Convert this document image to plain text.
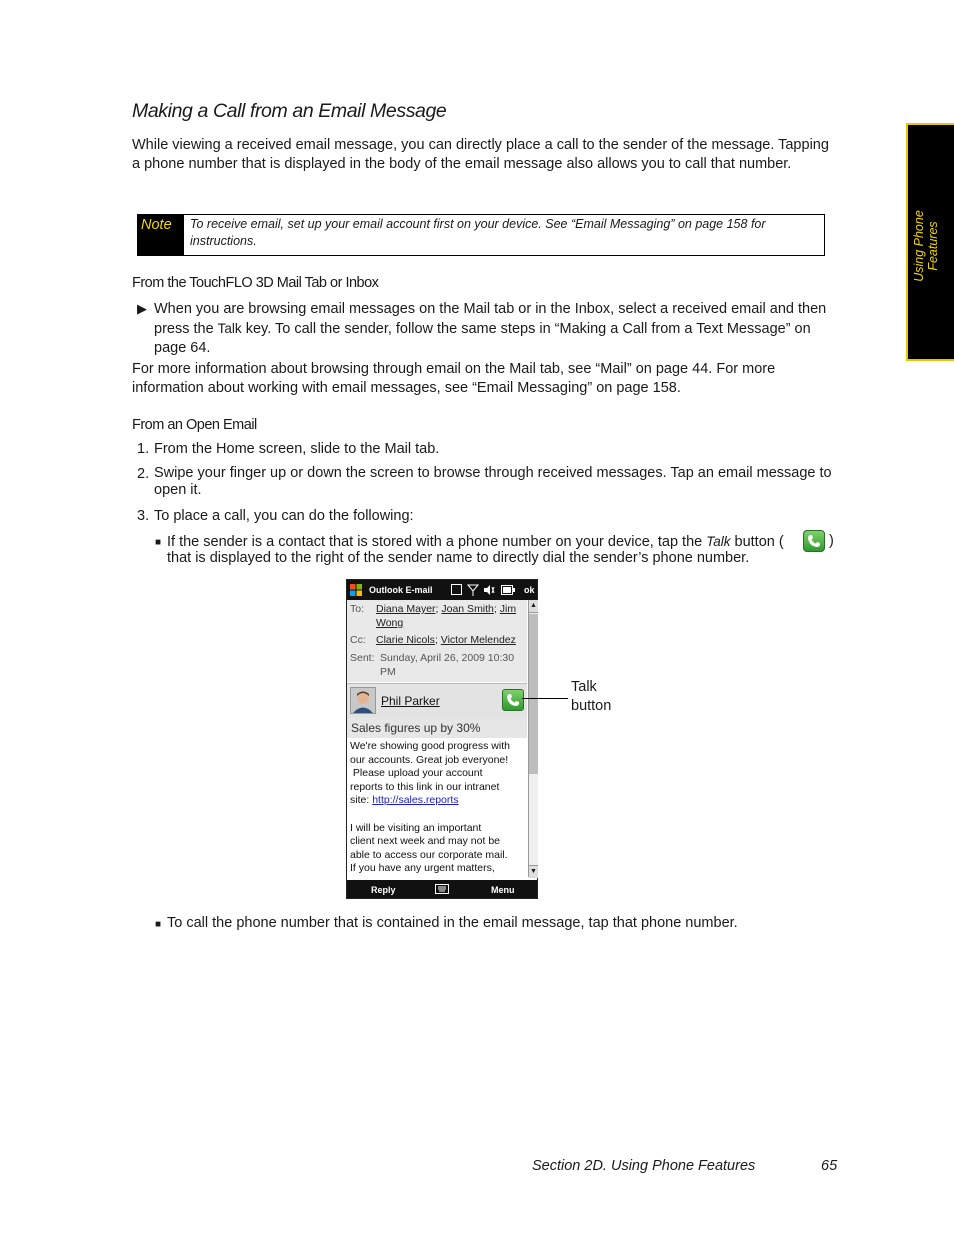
Making a Call from an Email Message
While viewing a received email message, you can directly place a call to the sender of the message. Tapping a phone number that is displayed in the body of the email message also allows you to call that number.
Note	To receive email, set up your email account first on your device. See “Email Messaging” on page 158 for instructions.
From the TouchFLO 3D Mail Tab or Inbox
▶ When you are browsing email messages on the Mail tab or in the Inbox, select a received email and then press the Talk key. To call the sender, follow the same steps in “Making a Call from a Text Message” on page 64.
For more information about browsing through email on the Mail tab, see “Mail” on page 44. For more information about working with email messages, see “Email Messaging” on page 158.
From an Open Email
1. From the Home screen, slide to the Mail tab.
2. Swipe your finger up or down the screen to browse through received messages. Tap an email message to open it.
3. To place a call, you can do the following:
■ If the sender is a contact that is stored with a phone number on your device, tap the Talk button (	)
that is displayed to the right of the sender name to directly dial the sender’s phone number.
Outlook E-mail	ok
To: Diana Mayer; Joan Smith; Jim
Wong
Cc: Clarie Nicols; Victor Melendez
Sent: Sunday, April 26, 2009 10:30
PM
Phil Parker
Sales figures up by 30%
We're showing good progress with
our accounts. Great job everyone!
Please upload your account
reports to this link in our intranet
site: http://sales.reports
I will be visiting an important
client next week and may not be
able to access our corporate mail.
If you have any urgent matters,
▲
▼
Reply	Menu
Talk
button
■ To call the phone number that is contained in the email message, tap that phone number.
Using Phone Features
Section 2D. Using Phone Features	65
